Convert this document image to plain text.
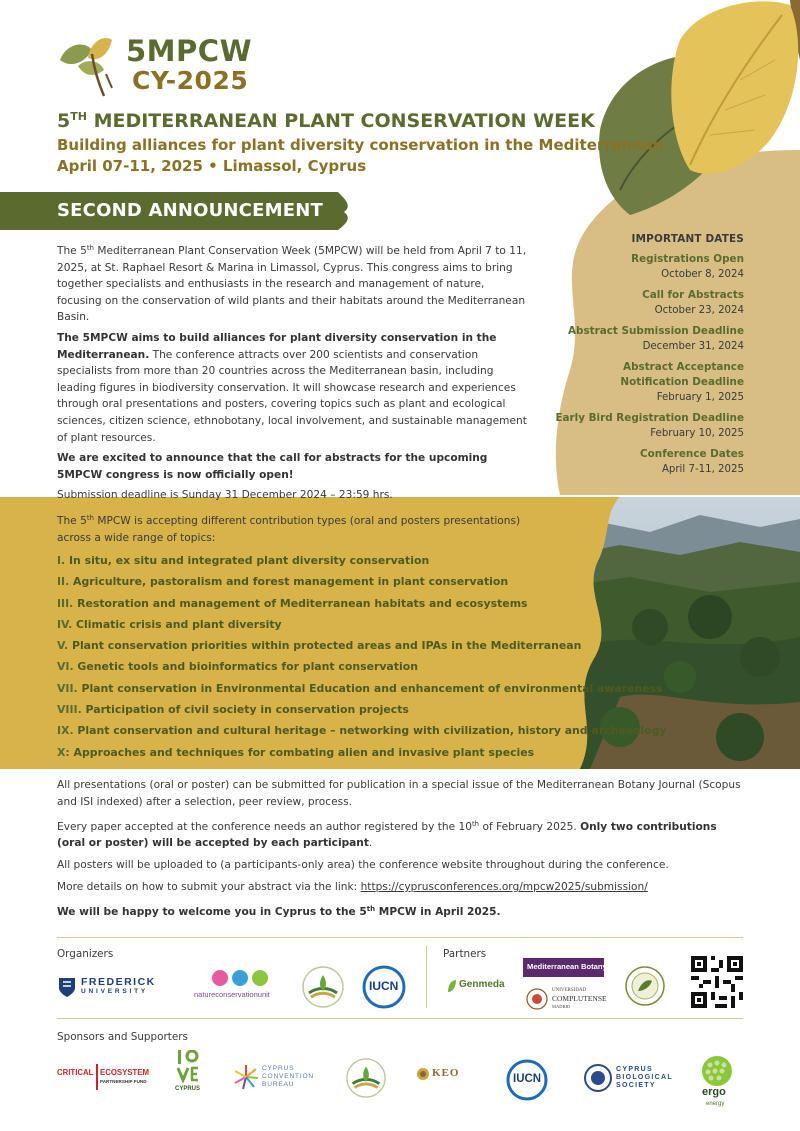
5MPCW
CY-2025
5TH MEDITERRANEAN PLANT CONSERVATION WEEK
Building alliances for plant diversity conservation in the Mediterranean
April 07-11, 2025 • Limassol, Cyprus
SECOND ANNOUNCEMENT

The 5th Mediterranean Plant Conservation Week (5MPCW) will be held from April 7 to 11, 2025, at St. Raphael Resort & Marina in Limassol, Cyprus. This congress aims to bring together specialists and enthusiasts in the research and management of nature, focusing on the conservation of wild plants and their habitats around the Mediterranean Basin.

The 5MPCW aims to build alliances for plant diversity conservation in the Mediterranean. The conference attracts over 200 scientists and conservation specialists from more than 20 countries across the Mediterranean basin, including leading figures in biodiversity conservation. It will showcase research and experiences through oral presentations and posters, covering topics such as plant and ecological sciences, citizen science, ethnobotany, local involvement, and sustainable management of plant resources.

We are excited to announce that the call for abstracts for the upcoming 5MPCW congress is now officially open!

Submission deadline is Sunday 31 December 2024 – 23:59 hrs.

IMPORTANT DATES
Registrations Open
October 8, 2024
Call for Abstracts
October 23, 2024
Abstract Submission Deadline
December 31, 2024
Abstract Acceptance
Notification Deadline
February 1, 2025
Early Bird Registration Deadline
February 10, 2025
Conference Dates
April 7-11, 2025
The 5th MPCW is accepting different contribution types (oral and posters presentations) across a wide range of topics:
I. In situ, ex situ and integrated plant diversity conservation
II. Agriculture, pastoralism and forest management in plant conservation
III. Restoration and management of Mediterranean habitats and ecosystems
IV. Climatic crisis and plant diversity
V. Plant conservation priorities within protected areas and IPAs in the Mediterranean
VI. Genetic tools and bioinformatics for plant conservation
VII. Plant conservation in Environmental Education and enhancement of environmental awareness
VIII. Participation of civil society in conservation projects
IX. Plant conservation and cultural heritage – networking with civilization, history and archaeology
X: Approaches and techniques for combating alien and invasive plant species

All presentations (oral or poster) can be submitted for publication in a special issue of the Mediterranean Botany Journal (Scopus and ISI indexed) after a selection, peer review, process.

Every paper accepted at the conference needs an author registered by the 10th of February 2025. Only two contributions (oral or poster) will be accepted by each participant.

All posters will be uploaded to (a participants-only area) the conference website throughout during the conference.

More details on how to submit your abstract via the link: https://cyprusconferences.org/mpcw2025/submission/

We will be happy to welcome you in Cyprus to the 5th MPCW in April 2025.

Organizers
FREDERICK
UNIVERSITY	natureconservationunit
IUCN
Partners
Genmeda
Mediterranean Botany
UNIVERSIDAD
COMPLUTENSE
MADRID
Sponsors and Supporters
CRITICAL ECOSYSTEM
PARTNERSHIP FUND
CYPRUS
CYPRUS
CONVENTION
BUREAU
KEO	IUCN
CYPRUS
BIOLOGICAL
SOCIETY
ergo
energy
